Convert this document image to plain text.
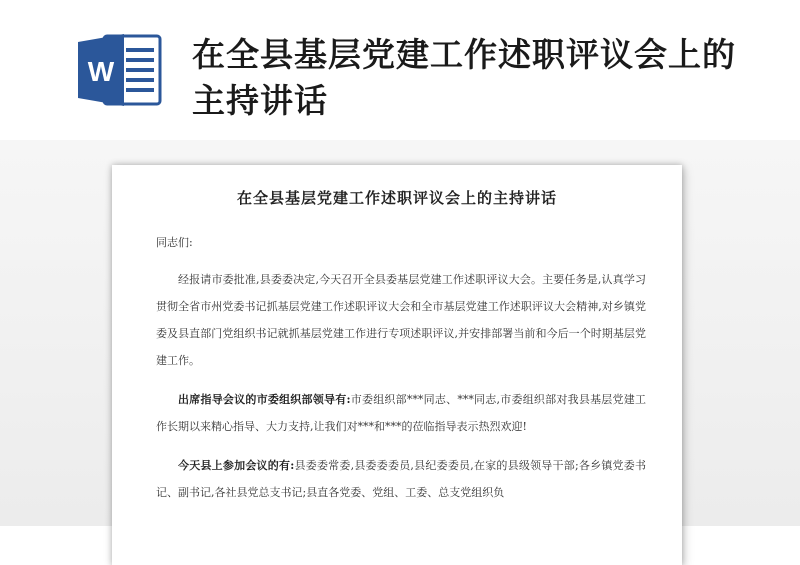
W 在全县基层党建工作述职评议会上的主持讲话
在全县基层党建工作述职评议会上的主持讲话

同志们:

经报请市委批准,县委委决定,今天召开全县委基层党建工作述职评议大会。主要任务是,认真学习贯彻全省市州党委书记抓基层党建工作述职评议大会和全市基层党建工作述职评议大会精神,对乡镇党委及县直部门党组织书记就抓基层党建工作进行专项述职评议,并安排部署当前和今后一个时期基层党建工作。

出席指导会议的市委组织部领导有:市委组织部***同志、***同志,市委组织部对我县基层党建工作长期以来精心指导、大力支持,让我们对***和***的莅临指导表示热烈欢迎!

今天县上参加会议的有:县委委常委,县委委委员,县纪委委员,在家的县级领导干部;各乡镇党委书记、副书记,各社县党总支书记;县直各党委、党组、工委、总支党组织负
